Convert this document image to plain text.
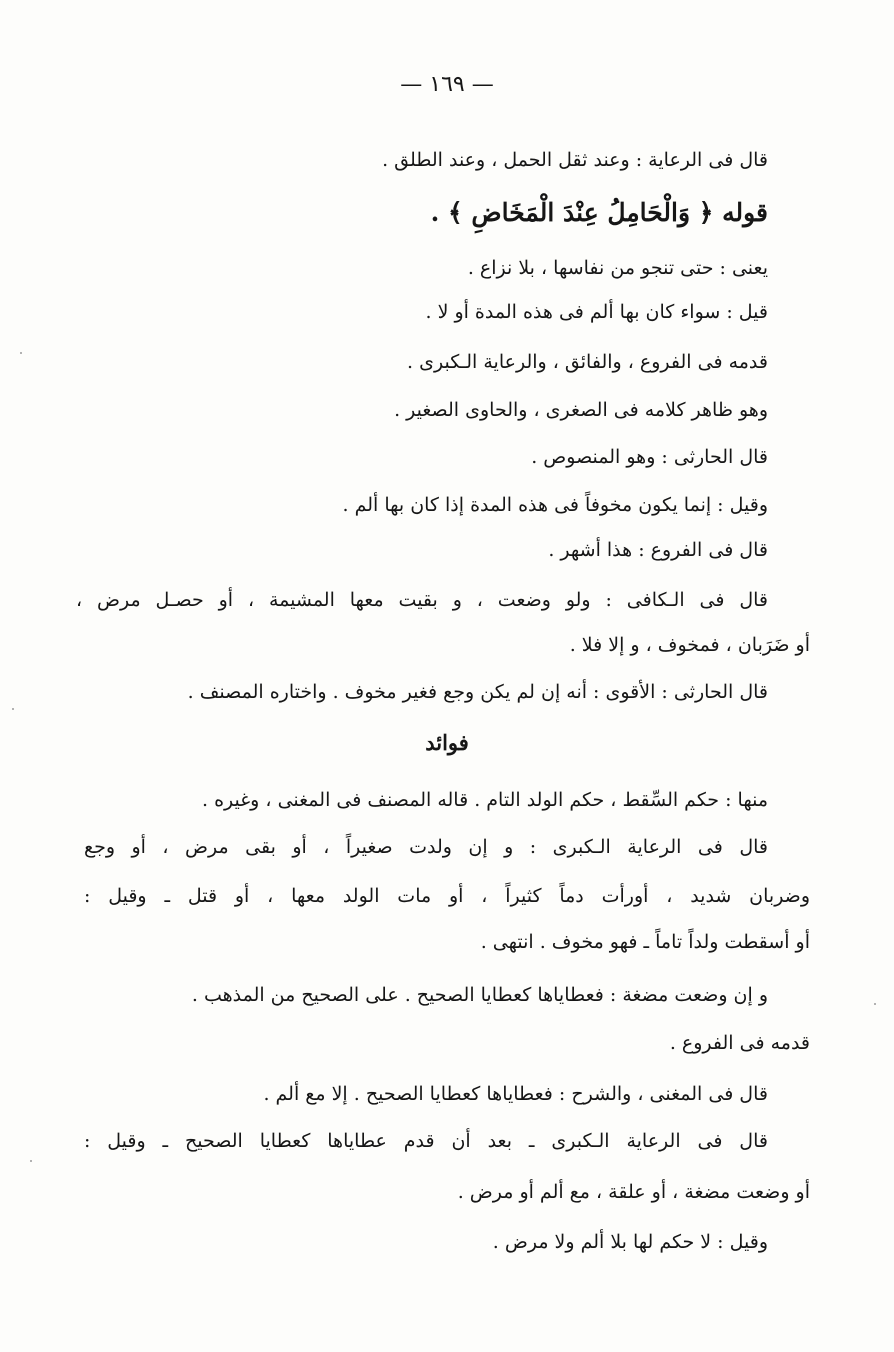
— ١٦٩ —
قال فى الرعاية : وعند ثقل الحمل ، وعند الطلق .
قوله ﴿ وَالْحَامِلُ عِنْدَ الْمَخَاضِ ﴾ .
يعنى : حتى تنجو من نفاسها ، بلا نزاع .
قيل : سواء كان بها ألم فى هذه المدة أو لا .
قدمه فى الفروع ، والفائق ، والرعاية الـكبرى .
وهو ظاهر كلامه فى الصغرى ، والحاوى الصغير .
قال الحارثى : وهو المنصوص .
وقيل : إنما يكون مخوفاً فى هذه المدة إذا كان بها ألم .
قال فى الفروع : هذا أشهر .
قال فى الـكافى : ولو وضعت ، و بقيت معها المشيمة ، أو حصـل مرض ،
أو ضَرَبان ، فمخوف ، و إلا فلا .
قال الحارثى : الأقوى : أنه إن لم يكن وجع فغير مخوف . واختاره المصنف .
فوائد
منها : حكم السِّقط ، حكم الولد التام . قاله المصنف فى المغنى ، وغيره .
قال فى الرعاية الـكبرى : و إن ولدت صغيراً ، أو بقى مرض ، أو وجع
وضربان شديد ، أورأت دماً كثيراً ، أو مات الولد معها ، أو قتل ـ وقيل :
أو أسقطت ولداً تاماً ـ فهو مخوف . انتهى .
و إن وضعت مضغة : فعطاياها كعطايا الصحيح . على الصحيح من المذهب .
قدمه فى الفروع .
قال فى المغنى ، والشرح : فعطاياها كعطايا الصحيح . إلا مع ألم .
قال فى الرعاية الـكبرى ـ بعد أن قدم عطاياها كعطايا الصحيح ـ وقيل :
أو وضعت مضغة ، أو علقة ، مع ألم أو مرض .
وقيل : لا حكم لها بلا ألم ولا مرض .
